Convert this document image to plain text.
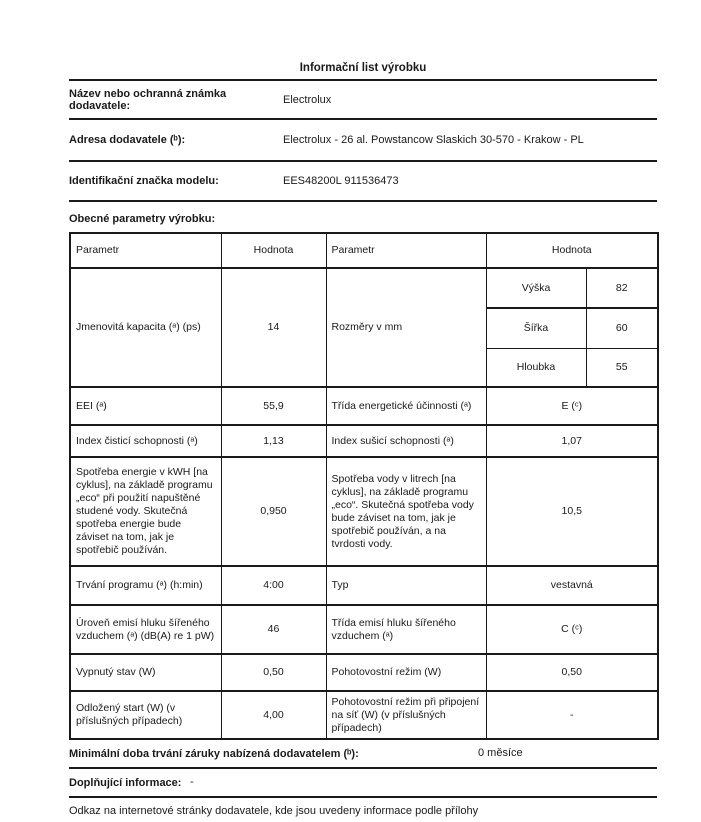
Informační list výrobku
Název nebo ochranná známka dodavatele:	Electrolux
Adresa dodavatele (ᵇ):	Electrolux - 26 al. Powstancow Slaskich 30-570 - Krakow - PL
Identifikační značka modelu:	EES48200L 911536473
Obecné parametry výrobku:
Parametr	Hodnota	Parametr	Hodnota	
Jmenovitá kapacita (ᵃ) (ps)	14	Rozměry v mm	Výška	82
			Šířka	60
			Hloubka	55
EEI (ᵃ)	55,9	Třída energetické účinnosti (ᵃ)	E (ᶜ)	
Index čisticí schopnosti (ᵃ)	1,13	Index sušicí schopnosti (ᵃ)	1,07	
Spotřeba energie v kWH [na cyklus], na základě programu „eco“ při použití napuštěné studené vody. Skutečná spotřeba energie bude záviset na tom, jak je spotřebič používán.	0,950	Spotřeba vody v litrech [na cyklus], na základě programu „eco“. Skutečná spotřeba vody bude záviset na tom, jak je spotřebič používán, a na tvrdosti vody.	10,5	
Trvání programu (ᵃ) (h:min)	4:00	Typ	vestavná	
Úroveň emisí hluku šířeného vzduchem (ᵃ) (dB(A) re 1 pW)	46	Třída emisí hluku šířeného vzduchem (ᵃ)	C (ᶜ)	
Vypnutý stav (W)	0,50	Pohotovostní režim (W)	0,50	
Odložený start (W) (v příslušných případech)	4,00	Pohotovostní režim při připojení na síť (W) (v příslušných případech)	-	
Minimální doba trvání záruky nabízená dodavatelem (ᵇ):	0 měsíce
Doplňující informace: -
Odkaz na internetové stránky dodavatele, kde jsou uvedeny informace podle přílohy
